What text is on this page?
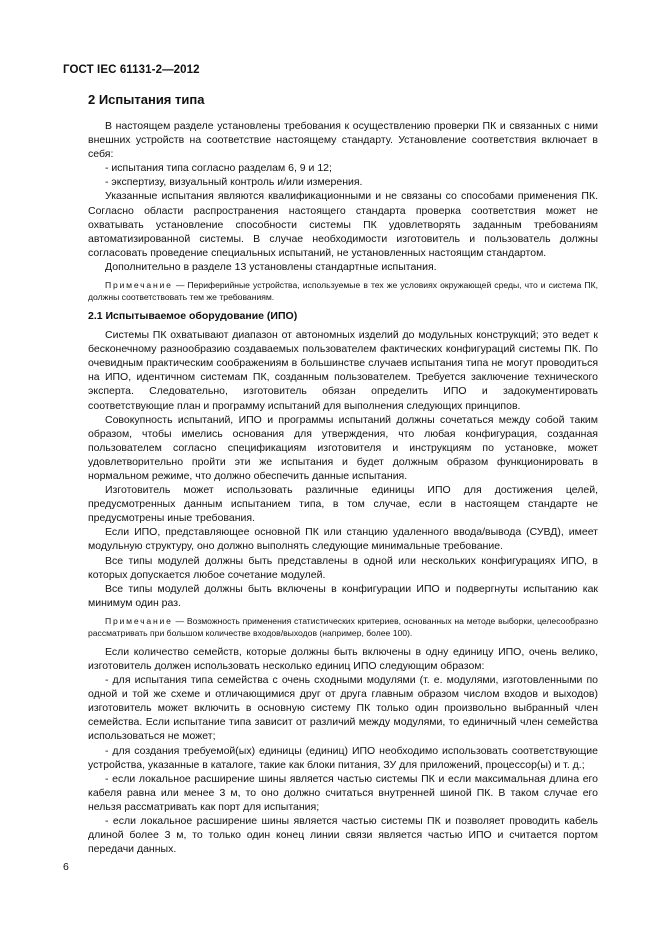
ГОСТ IEC 61131-2—2012
2 Испытания типа

В настоящем разделе установлены требования к осуществлению проверки ПК и связанных с ними внешних устройств на соответствие настоящему стандарту. Установление соответствия включает в себя:

- испытания типа согласно разделам 6, 9 и 12;

- экспертизу, визуальный контроль и/или измерения.

Указанные испытания являются квалификационными и не связаны со способами применения ПК. Согласно области распространения настоящего стандарта проверка соответствия может не охватывать установление способности системы ПК удовлетворять заданным требованиям автоматизированной системы. В случае необходимости изготовитель и пользователь должны согласовать проведение специальных испытаний, не установленных настоящим стандартом.

Дополнительно в разделе 13 установлены стандартные испытания.

Примечание — Периферийные устройства, используемые в тех же условиях окружающей среды, что и система ПК, должны соответствовать тем же требованиям.

2.1 Испытываемое оборудование (ИПО)

Системы ПК охватывают диапазон от автономных изделий до модульных конструкций; это ведет к бесконечному разнообразию создаваемых пользователем фактических конфигураций системы ПК. По очевидным практическим соображениям в большинстве случаев испытания типа не могут проводиться на ИПО, идентичном системам ПК, созданным пользователем. Требуется заключение технического эксперта. Следовательно, изготовитель обязан определить ИПО и задокументировать соответствующие план и программу испытаний для выполнения следующих принципов.

Совокупность испытаний, ИПО и программы испытаний должны сочетаться между собой таким образом, чтобы имелись основания для утверждения, что любая конфигурация, созданная пользователем согласно спецификациям изготовителя и инструкциям по установке, может удовлетворительно пройти эти же испытания и будет должным образом функционировать в нормальном режиме, что должно обеспечить данные испытания.

Изготовитель может использовать различные единицы ИПО для достижения целей, предусмотренных данным испытанием типа, в том случае, если в настоящем стандарте не предусмотрены иные требования.

Если ИПО, представляющее основной ПК или станцию удаленного ввода/вывода (СУВД), имеет модульную структуру, оно должно выполнять следующие минимальные требование.

Все типы модулей должны быть представлены в одной или нескольких конфигурациях ИПО, в которых допускается любое сочетание модулей.

Все типы модулей должны быть включены в конфигурации ИПО и подвергнуты испытанию как минимум один раз.

Примечание — Возможность применения статистических критериев, основанных на методе выборки, целесообразно рассматривать при большом количестве входов/выходов (например, более 100).

Если количество семейств, которые должны быть включены в одну единицу ИПО, очень велико, изготовитель должен использовать несколько единиц ИПО следующим образом:

- для испытания типа семейства с очень сходными модулями (т. е. модулями, изготовленными по одной и той же схеме и отличающимися друг от друга главным образом числом входов и выходов) изготовитель может включить в основную систему ПК только один произвольно выбранный член семейства. Если испытание типа зависит от различий между модулями, то единичный член семейства использоваться не может;

- для создания требуемой(ых) единицы (единиц) ИПО необходимо использовать соответствующие устройства, указанные в каталоге, такие как блоки питания, ЗУ для приложений, процессор(ы) и т. д.;

- если локальное расширение шины является частью системы ПК и если максимальная длина его кабеля равна или менее 3 м, то оно должно считаться внутренней шиной ПК. В таком случае его нельзя рассматривать как порт для испытания;

- если локальное расширение шины является частью системы ПК и позволяет проводить кабель длиной более 3 м, то только один конец линии связи является частью ИПО и считается портом передачи данных.

6
